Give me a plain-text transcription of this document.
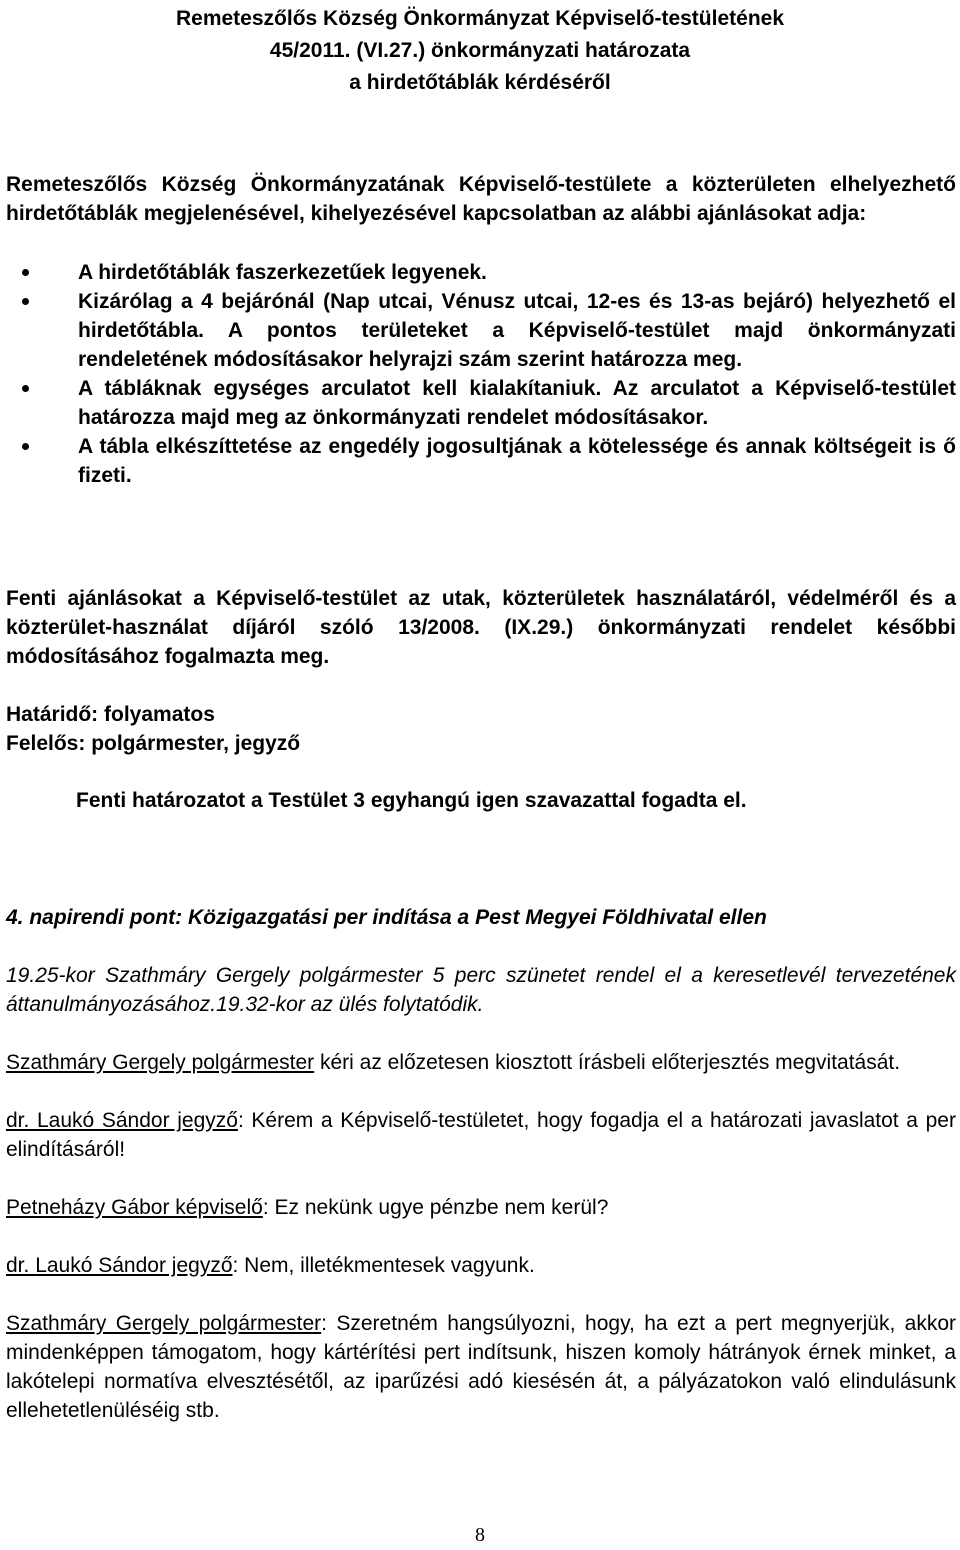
Remeteszőlős Község Önkormányzat Képviselő-testületének
45/2011. (VI.27.) önkormányzati határozata
a hirdetőtáblák kérdéséről

Remeteszőlős Község Önkormányzatának Képviselő-testülete a közterületen elhelyezhető hirdetőtáblák megjelenésével, kihelyezésével kapcsolatban az alábbi ajánlásokat adja:

A hirdetőtáblák faszerkezetűek legyenek.
Kizárólag a 4 bejárónál (Nap utcai, Vénusz utcai, 12-es és 13-as bejáró) helyezhető el hirdetőtábla. A pontos területeket a Képviselő-testület majd önkormányzati rendeletének módosításakor helyrajzi szám szerint határozza meg.
A tábláknak egységes arculatot kell kialakítaniuk. Az arculatot a Képviselő-testület határozza majd meg az önkormányzati rendelet módosításakor.
A tábla elkészíttetése az engedély jogosultjának a kötelessége és annak költségeit is ő fizeti.

Fenti ajánlásokat a Képviselő-testület az utak, közterületek használatáról, védelméről és a közterület-használat díjáról szóló 13/2008. (IX.29.) önkormányzati rendelet későbbi módosításához fogalmazta meg.

Határidő: folyamatos

Felelős: polgármester, jegyző

Fenti határozatot a Testület 3 egyhangú igen szavazattal fogadta el.

4. napirendi pont: Közigazgatási per indítása a Pest Megyei Földhivatal ellen

19.25-kor Szathmáry Gergely polgármester 5 perc szünetet rendel el a keresetlevél tervezetének áttanulmányozásához.19.32-kor az ülés folytatódik.

Szathmáry Gergely polgármester kéri az előzetesen kiosztott írásbeli előterjesztés megvitatását.

dr. Laukó Sándor jegyző: Kérem a Képviselő-testületet, hogy fogadja el a határozati javaslatot a per elindításáról!

Petneházy Gábor képviselő: Ez nekünk ugye pénzbe nem kerül?

dr. Laukó Sándor jegyző: Nem, illetékmentesek vagyunk.

Szathmáry Gergely polgármester: Szeretném hangsúlyozni, hogy, ha ezt a pert megnyerjük, akkor mindenképpen támogatom, hogy kártérítési pert indítsunk, hiszen komoly hátrányok érnek minket, a lakótelepi normatíva elvesztésétől, az iparűzési adó kiesésén át, a pályázatokon való elindulásunk ellehetetlenüléséig stb.

8
